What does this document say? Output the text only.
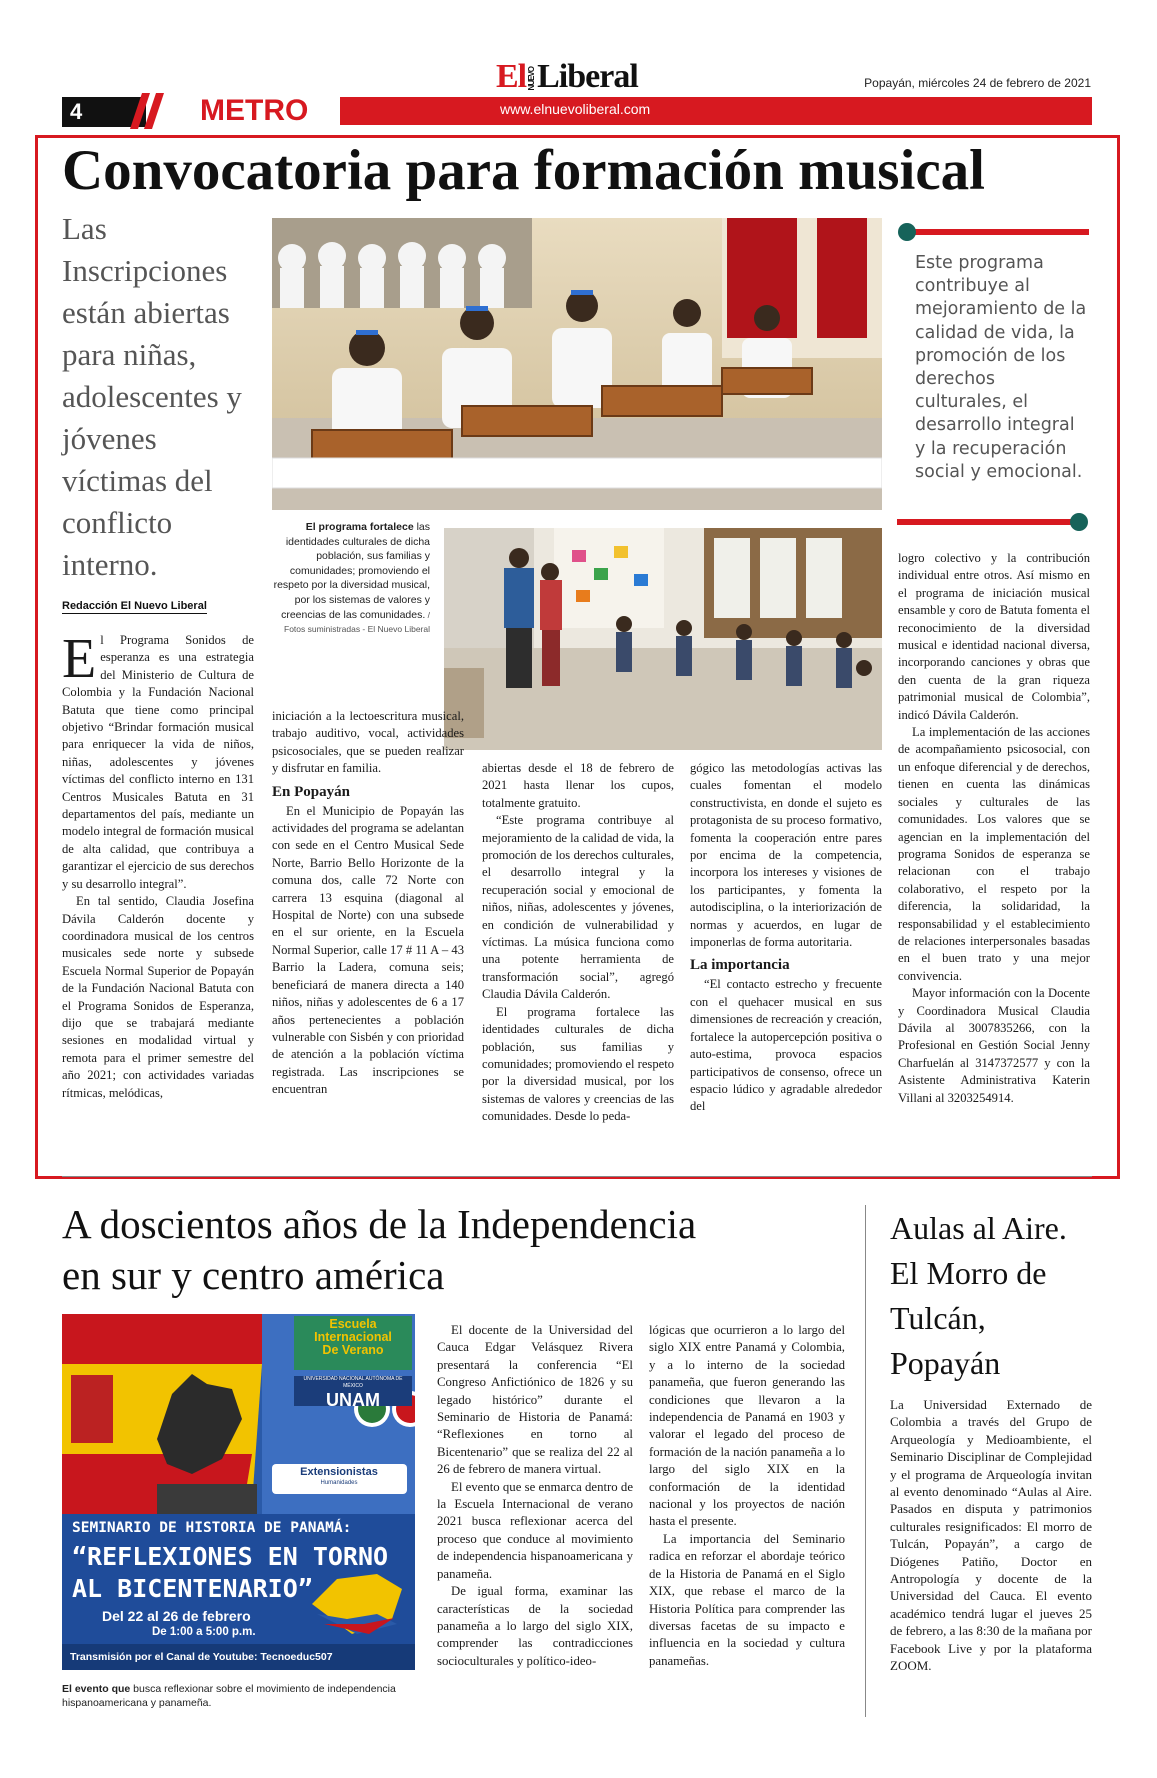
4	METRO	www.elnuevoliberal.com
ElNUEVOLiberal	Popayán, miércoles 24 de febrero de 2021
Convocatoria para formación musical
Las Inscripciones están abiertas para niñas, adolescentes y jóvenes víctimas del conflicto interno.
Redacción El Nuevo Liberal
El programa fortalece las identidades culturales de dicha población, sus familias y comunidades; promoviendo el respeto por la diversidad musical, por los sistemas de valores y creencias de las comunidades. / Fotos suministradas - El Nuevo Liberal
Este programa contribuye al mejoramiento de la calidad de vida, la promoción de los derechos culturales, el desarrollo integral y la recuperación social y emocional.

El Programa Sonidos de esperanza es una estrategia del Ministerio de Cultura de Colombia y la Fundación Nacional Batuta que tiene como principal objetivo “Brindar formación musical para enriquecer la vida de niños, niñas, adolescentes y jóvenes víctimas del conflicto interno en 131 Centros Musicales Batuta en 31 departamentos del país, mediante un modelo integral de formación musical de alta calidad, que contribuya a garantizar el ejercicio de sus derechos y su desarrollo integral”.

En tal sentido, Claudia Josefina Dávila Calderón docente y coordinadora musical de los centros musicales sede norte y subsede Escuela Normal Superior de Popayán de la Fundación Nacional Batuta con el Programa Sonidos de Esperanza, dijo que se trabajará mediante sesiones en modalidad virtual y remota para el primer semestre del año 2021; con actividades variadas rítmicas, melódicas,

iniciación a la lectoescritura musical, trabajo auditivo, vocal, actividades psicosociales, que se pueden realizar y disfrutar en familia.

En Popayán

En el Municipio de Popayán las actividades del programa se adelantan con sede en el Centro Musical Sede Norte, Barrio Bello Horizonte de la comuna dos, calle 72 Norte con carrera 13 esquina (diagonal al Hospital de Norte) con una subsede en el sur oriente, en la Escuela Normal Superior, calle 17 # 11 A – 43 Barrio la Ladera, comuna seis; beneficiará de manera directa a 140 niños, niñas y adolescentes de 6 a 17 años pertenecientes a población vulnerable con Sisbén y con prioridad de atención a la población víctima registrada. Las inscripciones se encuentran

abiertas desde el 18 de febrero de 2021 hasta llenar los cupos, totalmente gratuito.

“Este programa contribuye al mejoramiento de la calidad de vida, la promoción de los derechos culturales, el desarrollo integral y la recuperación social y emocional de niños, niñas, adolescentes y jóvenes, en condición de vulnerabilidad y víctimas. La música funciona como una potente herramienta de transformación social”, agregó Claudia Dávila Calderón.

El programa fortalece las identidades culturales de dicha población, sus familias y comunidades; promoviendo el respeto por la diversidad musical, por los sistemas de valores y creencias de las comunidades. Desde lo peda-

gógico las metodologías activas las cuales fomentan el modelo constructivista, en donde el sujeto es protagonista de su proceso formativo, fomenta la cooperación entre pares por encima de la competencia, incorpora los intereses y visiones de los participantes, y fomenta la autodisciplina, o la interiorización de normas y acuerdos, en lugar de imponerlas de forma autoritaria.

La importancia

“El contacto estrecho y frecuente con el quehacer musical en sus dimensiones de recreación y creación, fortalece la autopercepción positiva o auto-estima, provoca espacios participativos de consenso, ofrece un espacio lúdico y agradable alrededor del

logro colectivo y la contribución individual entre otros. Así mismo en el programa de iniciación musical ensamble y coro de Batuta fomenta el reconocimiento de la diversidad musical e identidad nacional diversa, incorporando canciones y obras que den cuenta de la gran riqueza patrimonial musical de Colombia”, indicó Dávila Calderón.

La implementación de las acciones de acompañamiento psicosocial, con un enfoque diferencial y de derechos, tienen en cuenta las dinámicas sociales y culturales de las comunidades. Los valores que se agencian en la implementación del programa Sonidos de esperanza se relacionan con el trabajo colaborativo, el respeto por la diferencia, la solidaridad, la responsabilidad y el establecimiento de relaciones interpersonales basadas en el buen trato y una mejor convivencia.

Mayor información con la Docente y Coordinadora Musical Claudia Dávila al 3007835266, con la Profesional en Gestión Social Jenny Charfuelán al 3147372577 y con la Asistente Administrativa Katerin Villani al 3203254914.

A doscientos años de la Independencia
en sur y centro américa
Escuela
Internacional
De Verano
UNIVERSIDAD NACIONAL AUTÓNOMA DE MÉXICO
UNAM
Extensionistas
Humanidades
SEMINARIO DE HISTORIA DE PANAMÁ:
“REFLEXIONES EN TORNO
AL BICENTENARIO”
Del 22 al 26 de febrero
De 1:00 a 5:00 p.m.
Transmisión por el Canal de Youtube: Tecnoeduc507
El evento que busca reflexionar sobre el movimiento de independencia hispanoamericana y panameña.

El docente de la Universidad del Cauca Edgar Velásquez Rivera presentará la conferencia “El Congreso Anfictiónico de 1826 y su legado histórico” durante el Seminario de Historia de Panamá: “Reflexiones en torno al Bicentenario” que se realiza del 22 al 26 de febrero de manera virtual.

El evento que se enmarca dentro de la Escuela Internacional de verano 2021 busca reflexionar acerca del proceso que conduce al movimiento de independencia hispanoamericana y panameña.

De igual forma, examinar las características de la sociedad panameña a lo largo del siglo XIX, comprender las contradicciones socioculturales y político-ideo-

lógicas que ocurrieron a lo largo del siglo XIX entre Panamá y Colombia, y a lo interno de la sociedad panameña, que fueron generando las condiciones que llevaron a la independencia de Panamá en 1903 y valorar el legado del proceso de formación de la nación panameña a lo largo del siglo XIX en la conformación de la identidad nacional y los proyectos de nación hasta el presente.

La importancia del Seminario radica en reforzar el abordaje teórico de la Historia de Panamá en el Siglo XIX, que rebase el marco de la Historia Política para comprender las diversas facetas de su impacto e influencia en la sociedad y cultura panameñas.

Aulas al Aire. El Morro de Tulcán, Popayán
La Universidad Externado de Colombia a través del Grupo de Arqueología y Medioambiente, el Seminario Disciplinar de Complejidad y el programa de Arqueología invitan al evento denominado “Aulas al Aire. Pasados en disputa y patrimonios culturales resignificados: El morro de Tulcán, Popayán”, a cargo de Diógenes Patiño, Doctor en Antropología y docente de la Universidad del Cauca. El evento académico tendrá lugar el jueves 25 de febrero, a las 8:30 de la mañana por Facebook Live y por la plataforma ZOOM.
